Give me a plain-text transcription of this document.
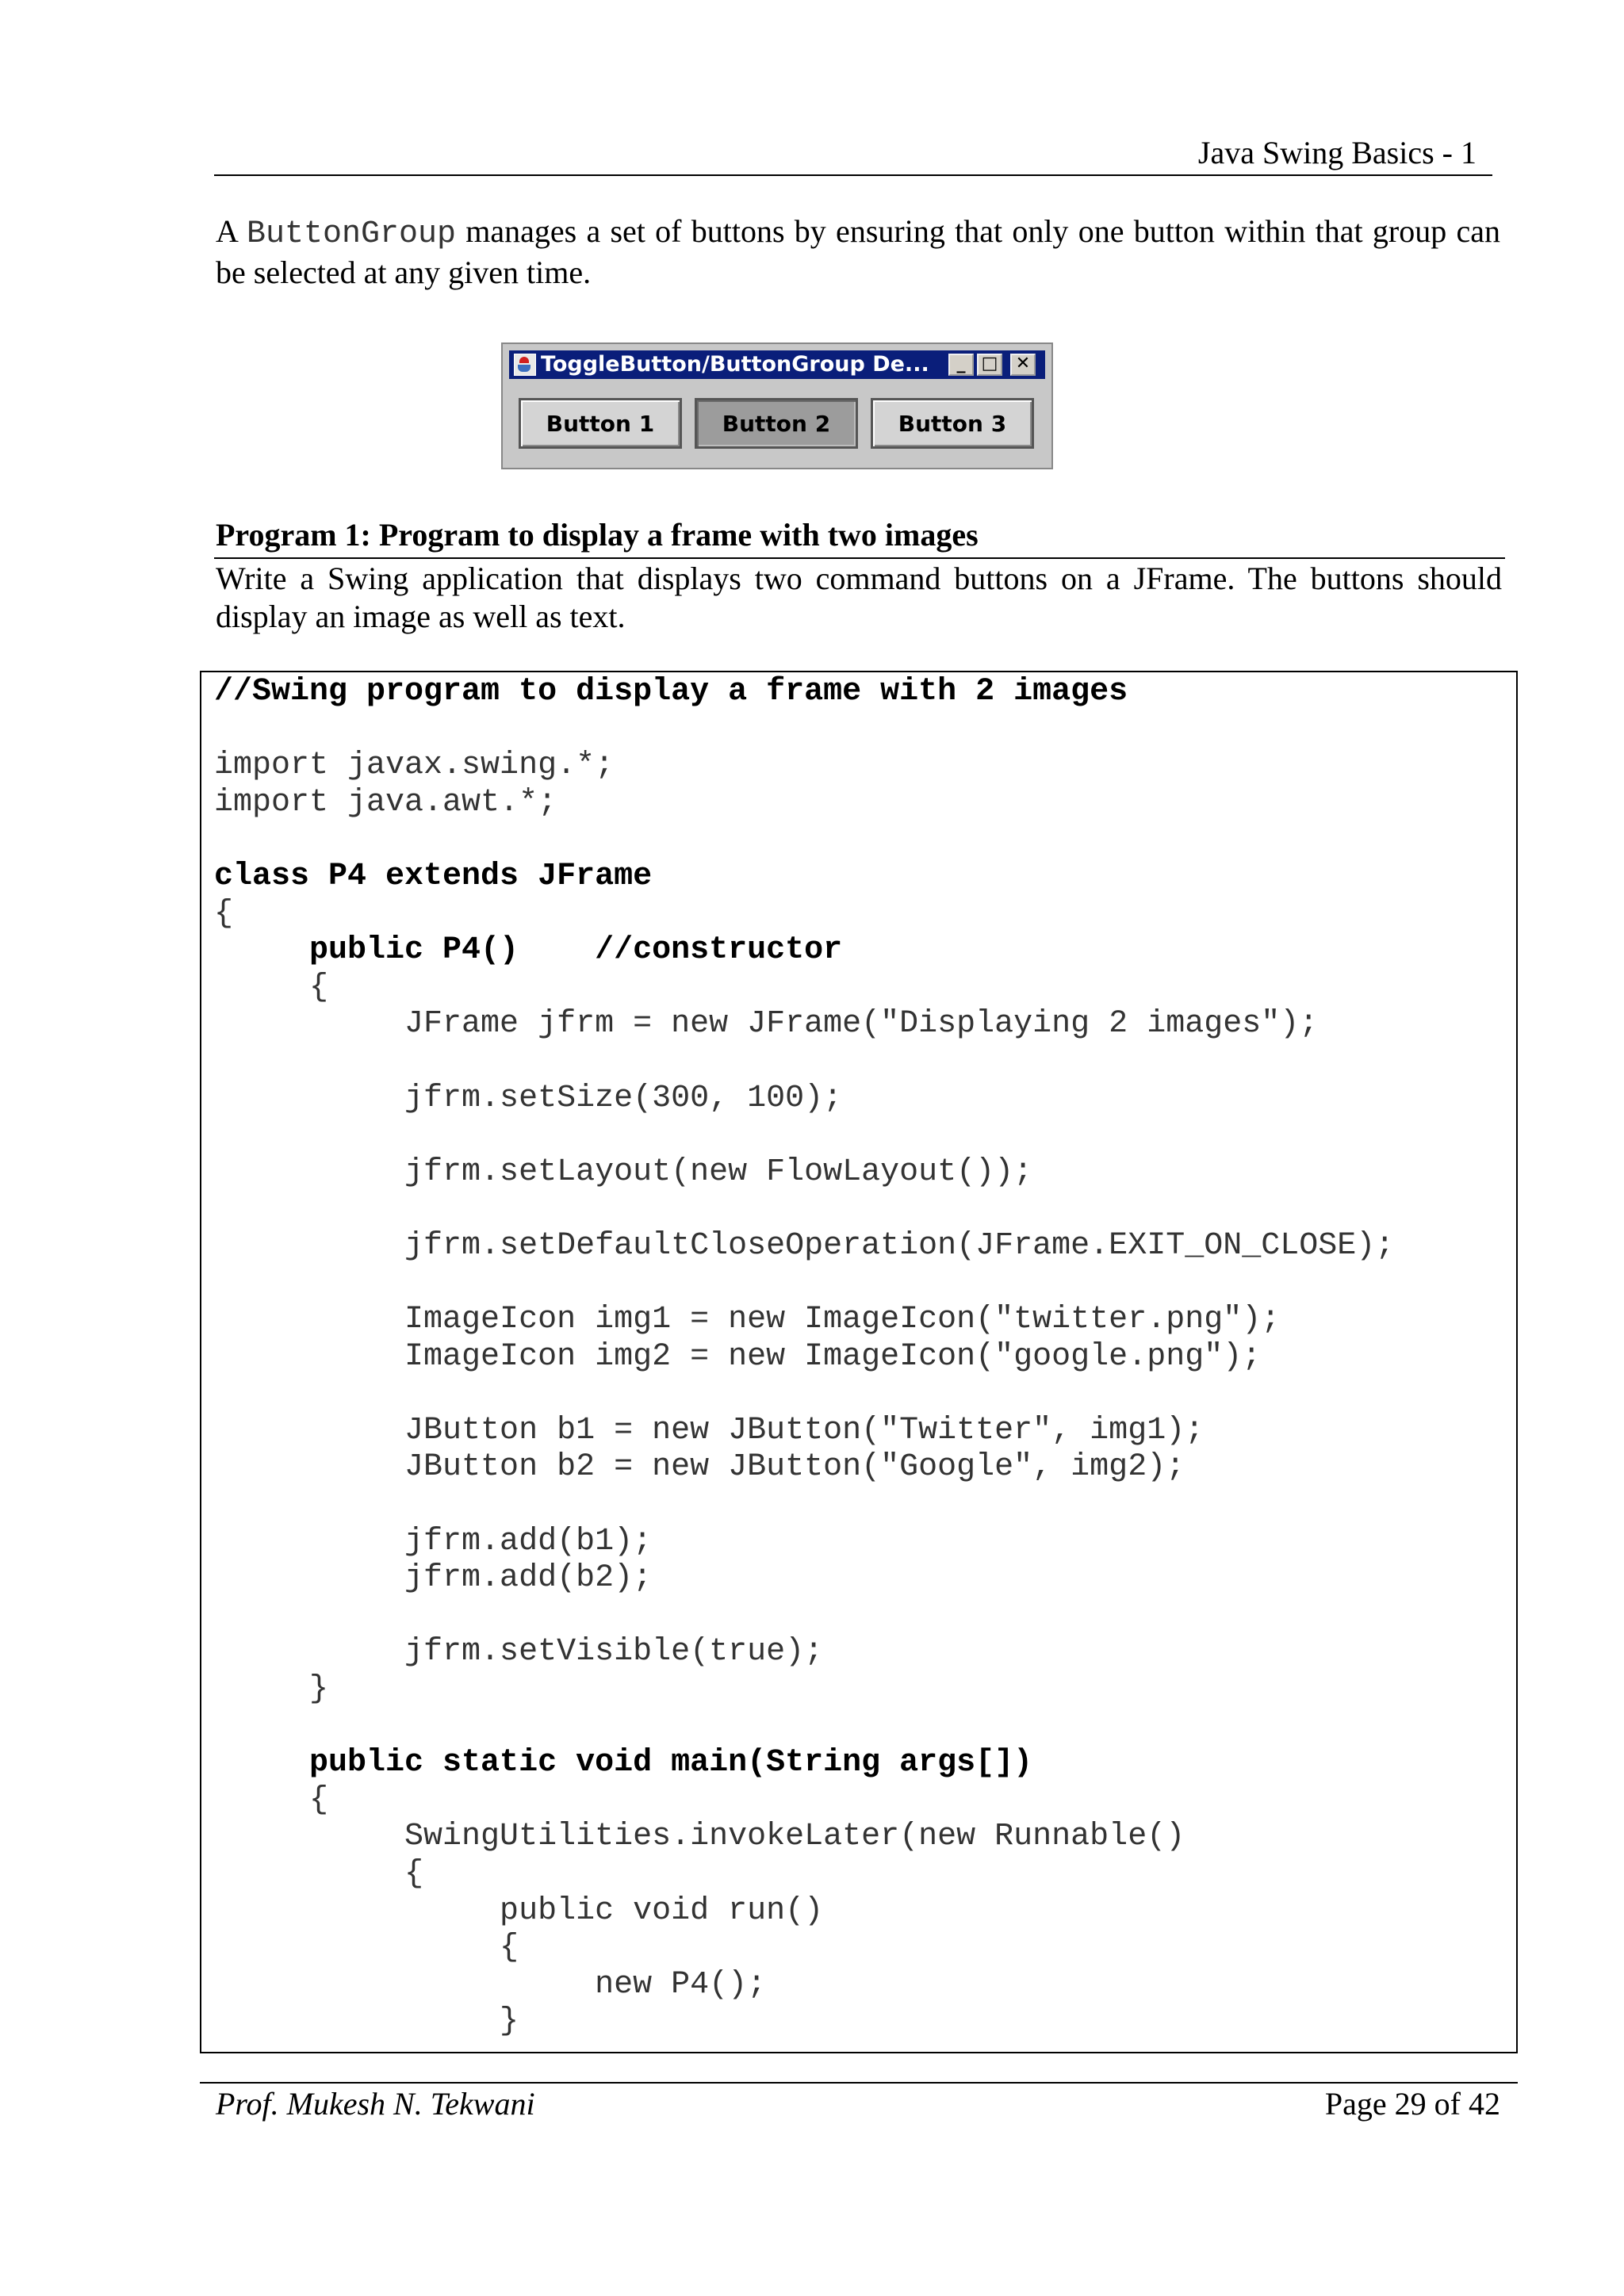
Java Swing Basics - 1
A ButtonGroup manages a set of buttons by ensuring that only one button within that group can be selected at any given time.
ToggleButton/ButtonGroup De...	_ □	✕
Button 1	Button 2	Button 3
Program 1: Program to display a frame with two images
Write a Swing application that displays two command buttons on a JFrame. The buttons should display an image as well as text.
//Swing program to display a frame with 2 images
import javax.swing.*;
import java.awt.*;
class P4 extends JFrame
{
public P4()    //constructor
{
JFrame jfrm = new JFrame("Displaying 2 images");
jfrm.setSize(300, 100);
jfrm.setLayout(new FlowLayout());
jfrm.setDefaultCloseOperation(JFrame.EXIT_ON_CLOSE);
ImageIcon img1 = new ImageIcon("twitter.png");
ImageIcon img2 = new ImageIcon("google.png");
JButton b1 = new JButton("Twitter", img1);
JButton b2 = new JButton("Google", img2);
jfrm.add(b1);
jfrm.add(b2);
jfrm.setVisible(true);
}
public static void main(String args[])
{
SwingUtilities.invokeLater(new Runnable()
{
public void run()
{
new P4();
}
Prof. Mukesh N. Tekwani	Page 29 of 42
